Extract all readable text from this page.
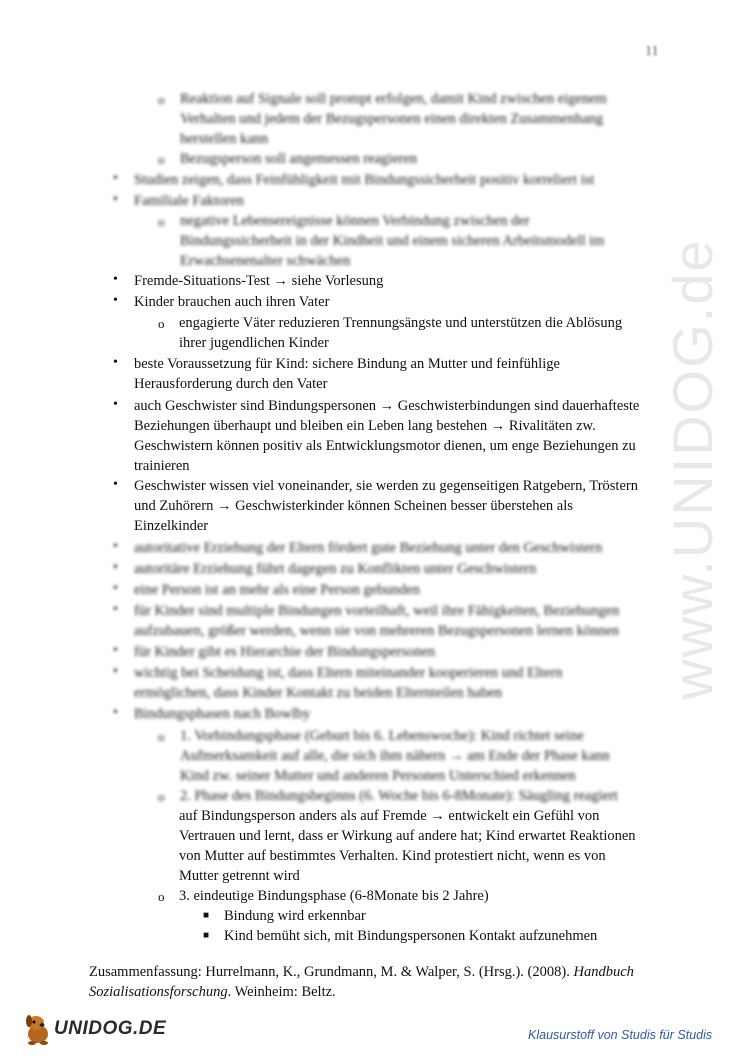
www.UNIDOG.de
11
o Reaktion auf Signale soll prompt erfolgen, damit Kind zwischen eigenem
Verhalten und jedem der Bezugspersonen einen direkten Zusammenhang
herstellen kann
o Bezugsperson soll angemessen reagieren
• Studien zeigen, dass Feinfühligkeit mit Bindungssicherheit positiv korreliert ist
• Familiale Faktoren
o negative Lebensereignisse können Verbindung zwischen der
Bindungssicherheit in der Kindheit und einem sicheren Arbeitsmodell im
Erwachsenenalter schwächen
• Fremde-Situations-Test → siehe Vorlesung
• Kinder brauchen auch ihren Vater
o engagierte Väter reduzieren Trennungsängste und unterstützen die Ablösung
ihrer jugendlichen Kinder
• beste Voraussetzung für Kind: sichere Bindung an Mutter und feinfühlige
Herausforderung durch den Vater
• auch Geschwister sind Bindungspersonen → Geschwisterbindungen sind dauerhafteste
Beziehungen überhaupt und bleiben ein Leben lang bestehen → Rivalitäten zw.
Geschwistern können positiv als Entwicklungsmotor dienen, um enge Beziehungen zu
trainieren
• Geschwister wissen viel voneinander, sie werden zu gegenseitigen Ratgebern, Tröstern
und Zuhörern → Geschwisterkinder können Scheinen besser überstehen als
Einzelkinder
• autoritative Erziehung der Eltern fördert gute Beziehung unter den Geschwistern
• autoritäre Erziehung führt dagegen zu Konflikten unter Geschwistern
• eine Person ist an mehr als eine Person gebunden
• für Kinder sind multiple Bindungen vorteilhaft, weil ihre Fähigkeiten, Beziehungen
aufzubauen, größer werden, wenn sie von mehreren Bezugspersonen lernen können
• für Kinder gibt es Hierarchie der Bindungspersonen
• wichtig bei Scheidung ist, dass Eltern miteinander kooperieren und Eltern
ermöglichen, dass Kinder Kontakt zu beiden Elternteilen haben
• Bindungsphasen nach Bowlby
o 1. Vorbindungsphase (Geburt bis 6. Lebenswoche): Kind richtet seine
Aufmerksamkeit auf alle, die sich ihm nähern → am Ende der Phase kann
Kind zw. seiner Mutter und anderen Personen Unterschied erkennen
o 2. Phase des Bindungsbeginns (6. Woche bis 6-8Monate): Säugling reagiert
auf Bindungsperson anders als auf Fremde → entwickelt ein Gefühl von
Vertrauen und lernt, dass er Wirkung auf andere hat; Kind erwartet Reaktionen
von Mutter auf bestimmtes Verhalten. Kind protestiert nicht, wenn es von
Mutter getrennt wird
o 3. eindeutige Bindungsphase (6-8Monate bis 2 Jahre)
■ Bindung wird erkennbar
■ Kind bemüht sich, mit Bindungspersonen Kontakt aufzunehmen
Zusammenfassung: Hurrelmann, K., Grundmann, M. & Walper, S. (Hrsg.). (2008). Handbuch
Sozialisationsforschung. Weinheim: Beltz.
UNIDOG.DE	Klausurstoff von Studis für Studis
